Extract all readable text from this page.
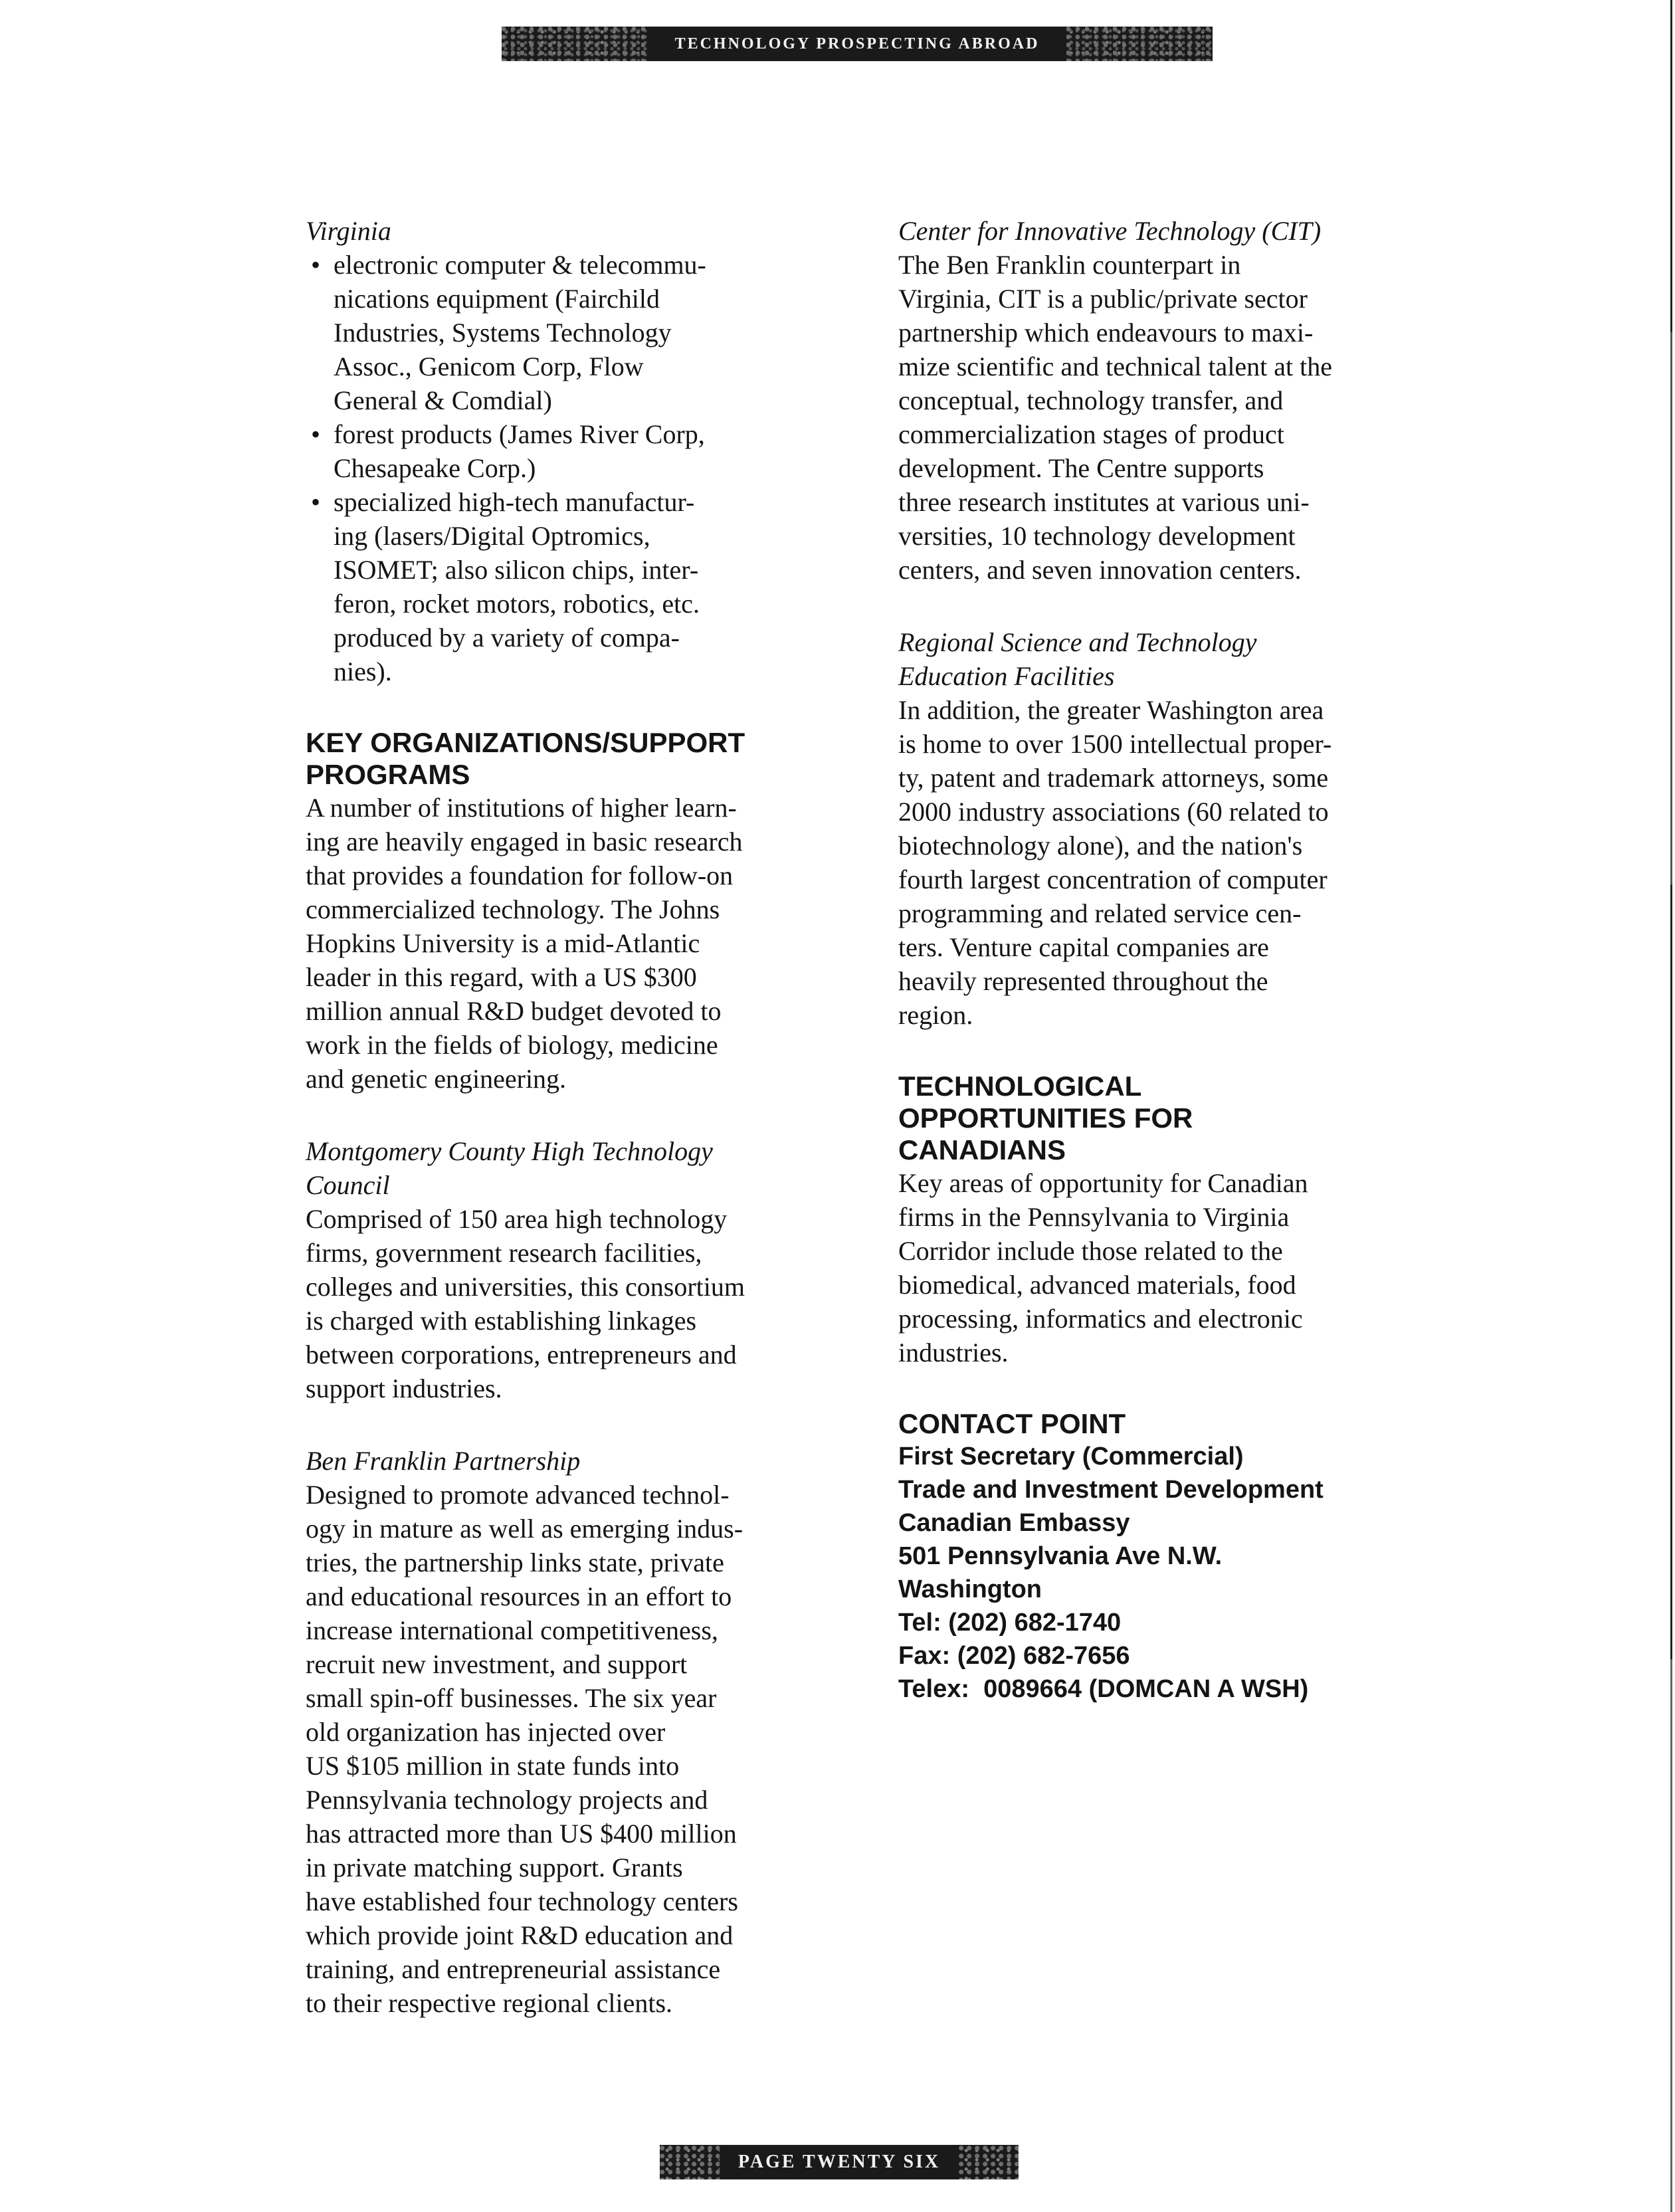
TECHNOLOGY PROSPECTING ABROAD

Virginia

• electronic computer & telecommu-
nications equipment (Fairchild
Industries, Systems Technology
Assoc., Genicom Corp, Flow
General & Comdial)
• forest products (James River Corp,
Chesapeake Corp.)
• specialized high-tech manufactur-
ing (lasers/Digital Optromics,
ISOMET; also silicon chips, inter-
feron, rocket motors, robotics, etc.
produced by a variety of compa-
nies).

KEY ORGANIZATIONS/SUPPORT
PROGRAMS

A number of institutions of higher learn-
ing are heavily engaged in basic research
that provides a foundation for follow-on
commercialized technology. The Johns
Hopkins University is a mid-Atlantic
leader in this regard, with a US $300
million annual R&D budget devoted to
work in the fields of biology, medicine
and genetic engineering.

Montgomery County High Technology
Council

Comprised of 150 area high technology
firms, government research facilities,
colleges and universities, this consortium
is charged with establishing linkages
between corporations, entrepreneurs and
support industries.

Ben Franklin Partnership

Designed to promote advanced technol-
ogy in mature as well as emerging indus-
tries, the partnership links state, private
and educational resources in an effort to
increase international competitiveness,
recruit new investment, and support
small spin-off businesses. The six year
old organization has injected over
US $105 million in state funds into
Pennsylvania technology projects and
has attracted more than US $400 million
in private matching support. Grants
have established four technology centers
which provide joint R&D education and
training, and entrepreneurial assistance
to their respective regional clients.

Center for Innovative Technology (CIT)

The Ben Franklin counterpart in
Virginia, CIT is a public/private sector
partnership which endeavours to maxi-
mize scientific and technical talent at the
conceptual, technology transfer, and
commercialization stages of product
development. The Centre supports
three research institutes at various uni-
versities, 10 technology development
centers, and seven innovation centers.

Regional Science and Technology
Education Facilities

In addition, the greater Washington area
is home to over 1500 intellectual proper-
ty, patent and trademark attorneys, some
2000 industry associations (60 related to
biotechnology alone), and the nation's
fourth largest concentration of computer
programming and related service cen-
ters. Venture capital companies are
heavily represented throughout the
region.

TECHNOLOGICAL
OPPORTUNITIES FOR
CANADIANS

Key areas of opportunity for Canadian
firms in the Pennsylvania to Virginia
Corridor include those related to the
biomedical, advanced materials, food
processing, informatics and electronic
industries.

CONTACT POINT

First Secretary (Commercial)

Trade and Investment Development

Canadian Embassy

501 Pennsylvania Ave N.W.

Washington

Tel: (202) 682-1740

Fax: (202) 682-7656

Telex:  0089664 (DOMCAN A WSH)

PAGE TWENTY SIX
